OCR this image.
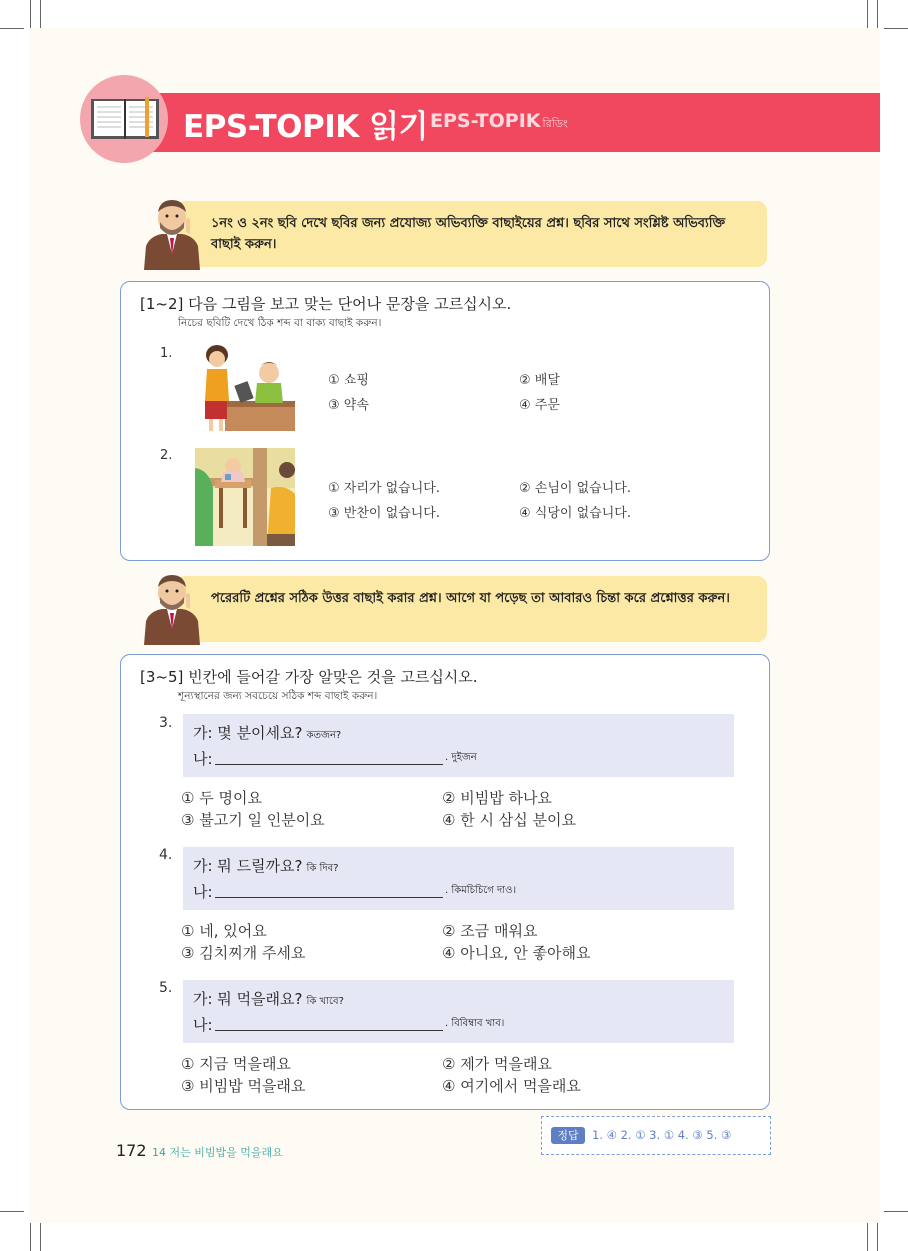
EPS-TOPIK 읽기 EPS-TOPIK রিডিং
১নং ও ২নং ছবি দেখে ছবির জন্য প্রযোজ্য অভিব্যক্তি বাছাইয়ের প্রশ্ন। ছবির সাথে সংশ্লিষ্ট অভিব্যক্তি বাছাই করুন।
[1~2] 다음 그림을 보고 맞는 단어나 문장을 고르십시오.
নিচের ছবিটি দেখে ঠিক শব্দ বা বাক্য বাছাই করুন।
1.
① 쇼핑	② 배달
③ 약속	④ 주문
2.
① 자리가 없습니다.	② 손님이 없습니다.
③ 반찬이 없습니다.	④ 식당이 없습니다.
পরেরটি প্রশ্নের সঠিক উত্তর বাছাই করার প্রশ্ন। আগে যা পড়েছ তা আবারও চিন্তা করে প্রশ্নোত্তর করুন।
[3~5] 빈칸에 들어갈 가장 알맞은 것을 고르십시오.
শূন্যস্থানের জন্য সবচেয়ে সঠিক শব্দ বাছাই করুন।
3.
가: 몇 분이세요? কতজন?
나:	. দুইজন
① 두 명이요	② 비빔밥 하나요
③ 불고기 일 인분이요	④ 한 시 삼십 분이요
4.
가: 뭐 드릴까요? কি দিব?
나:	. কিমচিচিগে দাও।
① 네, 있어요	② 조금 매워요
③ 김치찌개 주세요	④ 아니요, 안 좋아해요
5.
가: 뭐 먹을래요? কি খাবে?
나:	. বিবিম্বাব খাব।
① 지금 먹을래요	② 제가 먹을래요
③ 비빔밥 먹을래요	④ 여기에서 먹을래요
정답	1. ④ 2. ① 3. ① 4. ③ 5. ③
172 14 저는 비빔밥을 먹을래요
